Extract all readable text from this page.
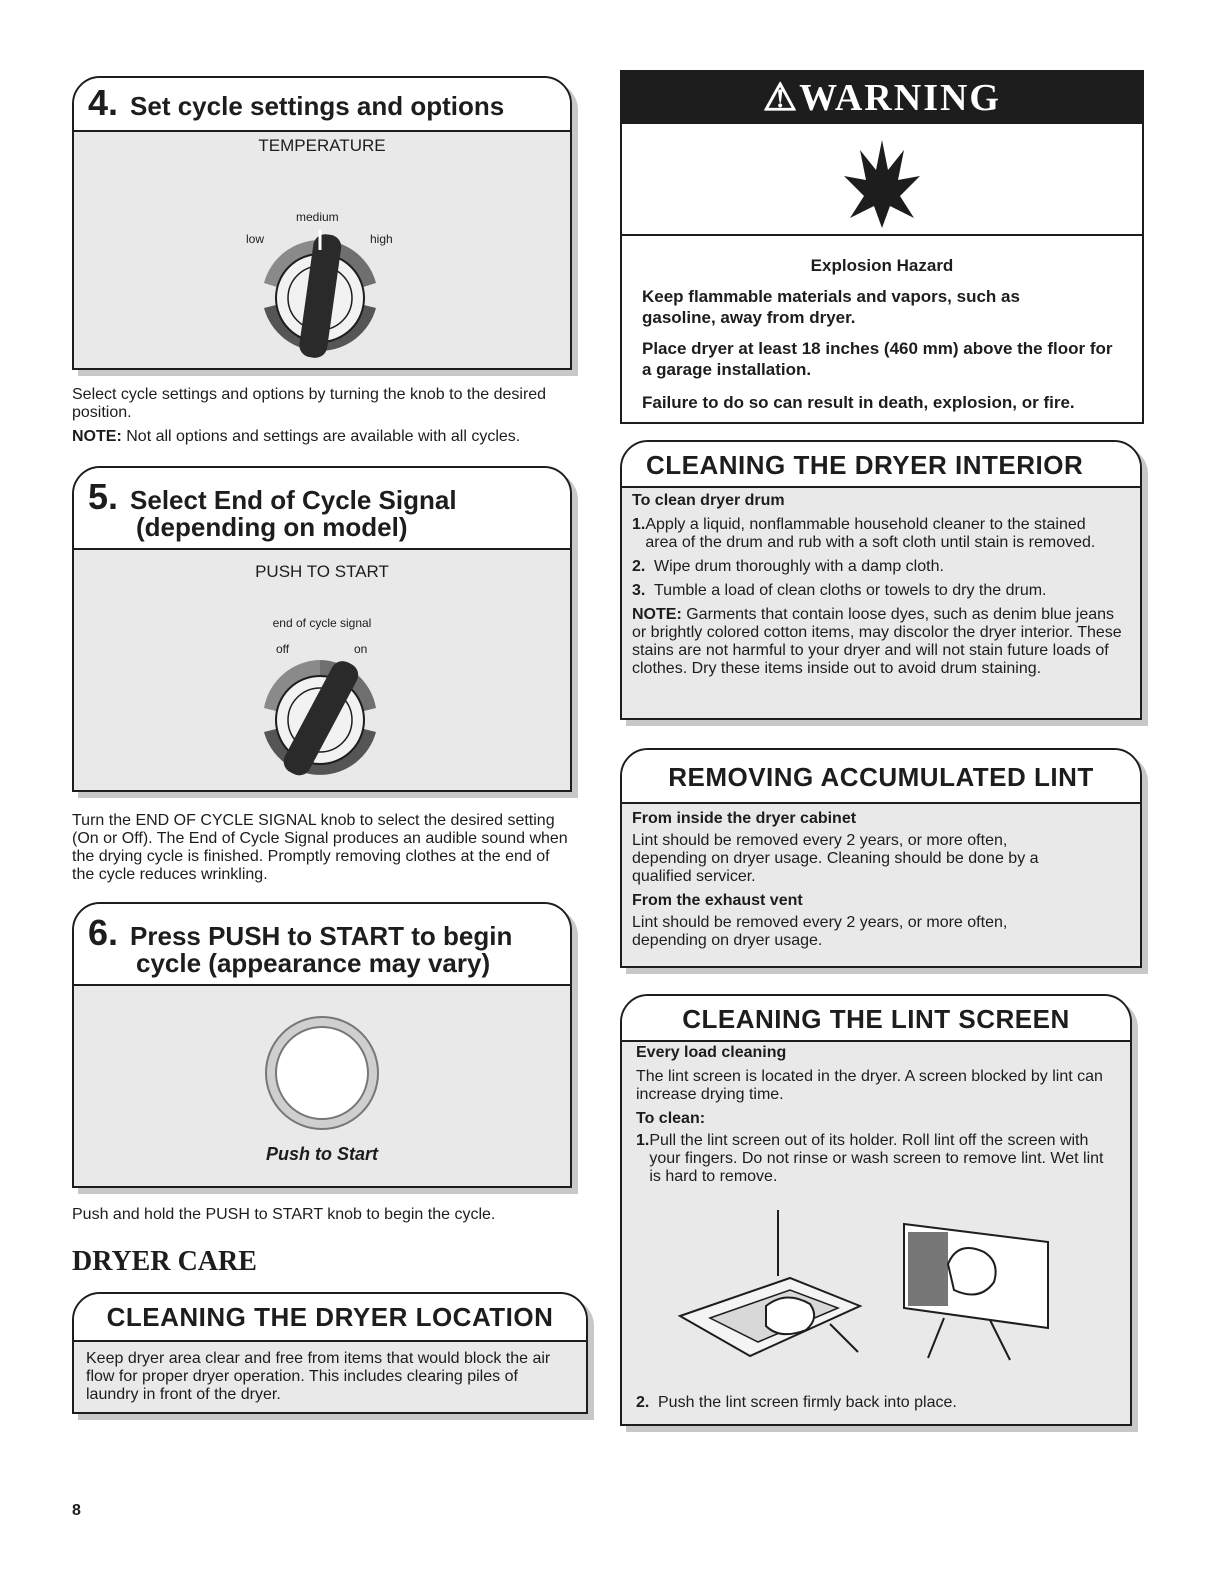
4. Set cycle settings and options
TEMPERATURE
medium
low	high
Select cycle settings and options by turning the knob to the desired position.
NOTE: Not all options and settings are available with all cycles.
5. Select End of Cycle Signal
(depending on model)
PUSH TO START
end of cycle signal
off	on
Turn the END OF CYCLE SIGNAL knob to select the desired setting (On or Off). The End of Cycle Signal produces an audible sound when the drying cycle is finished. Promptly removing clothes at the end of the cycle reduces wrinkling.
6. Press PUSH to START to begin
cycle (appearance may vary)
Push to Start
Push and hold the PUSH to START knob to begin the cycle.
DRYER CARE
CLEANING THE DRYER LOCATION
Keep dryer area clear and free from items that would block the air flow for proper dryer operation. This includes clearing piles of laundry in front of the dryer.
⚠WARNING
Explosion Hazard
Keep flammable materials and vapors, such as gasoline, away from dryer.
Place dryer at least 18 inches (460 mm) above the floor for a garage installation.
Failure to do so can result in death, explosion, or fire.
CLEANING THE DRYER INTERIOR
To clean dryer drum
1. Apply a liquid, nonflammable household cleaner to the stained area of the drum and rub with a soft cloth until stain is removed.
2. Wipe drum thoroughly with a damp cloth.
3. Tumble a load of clean cloths or towels to dry the drum.
NOTE: Garments that contain loose dyes, such as denim blue jeans or brightly colored cotton items, may discolor the dryer interior. These stains are not harmful to your dryer and will not stain future loads of clothes. Dry these items inside out to avoid drum staining.
REMOVING ACCUMULATED LINT
From inside the dryer cabinet
Lint should be removed every 2 years, or more often, depending on dryer usage. Cleaning should be done by a qualified servicer.
From the exhaust vent
Lint should be removed every 2 years, or more often, depending on dryer usage.
CLEANING THE LINT SCREEN
Every load cleaning
The lint screen is located in the dryer. A screen blocked by lint can increase drying time.
To clean:
1. Pull the lint screen out of its holder. Roll lint off the screen with your fingers. Do not rinse or wash screen to remove lint. Wet lint is hard to remove.
2. Push the lint screen firmly back into place.
8
